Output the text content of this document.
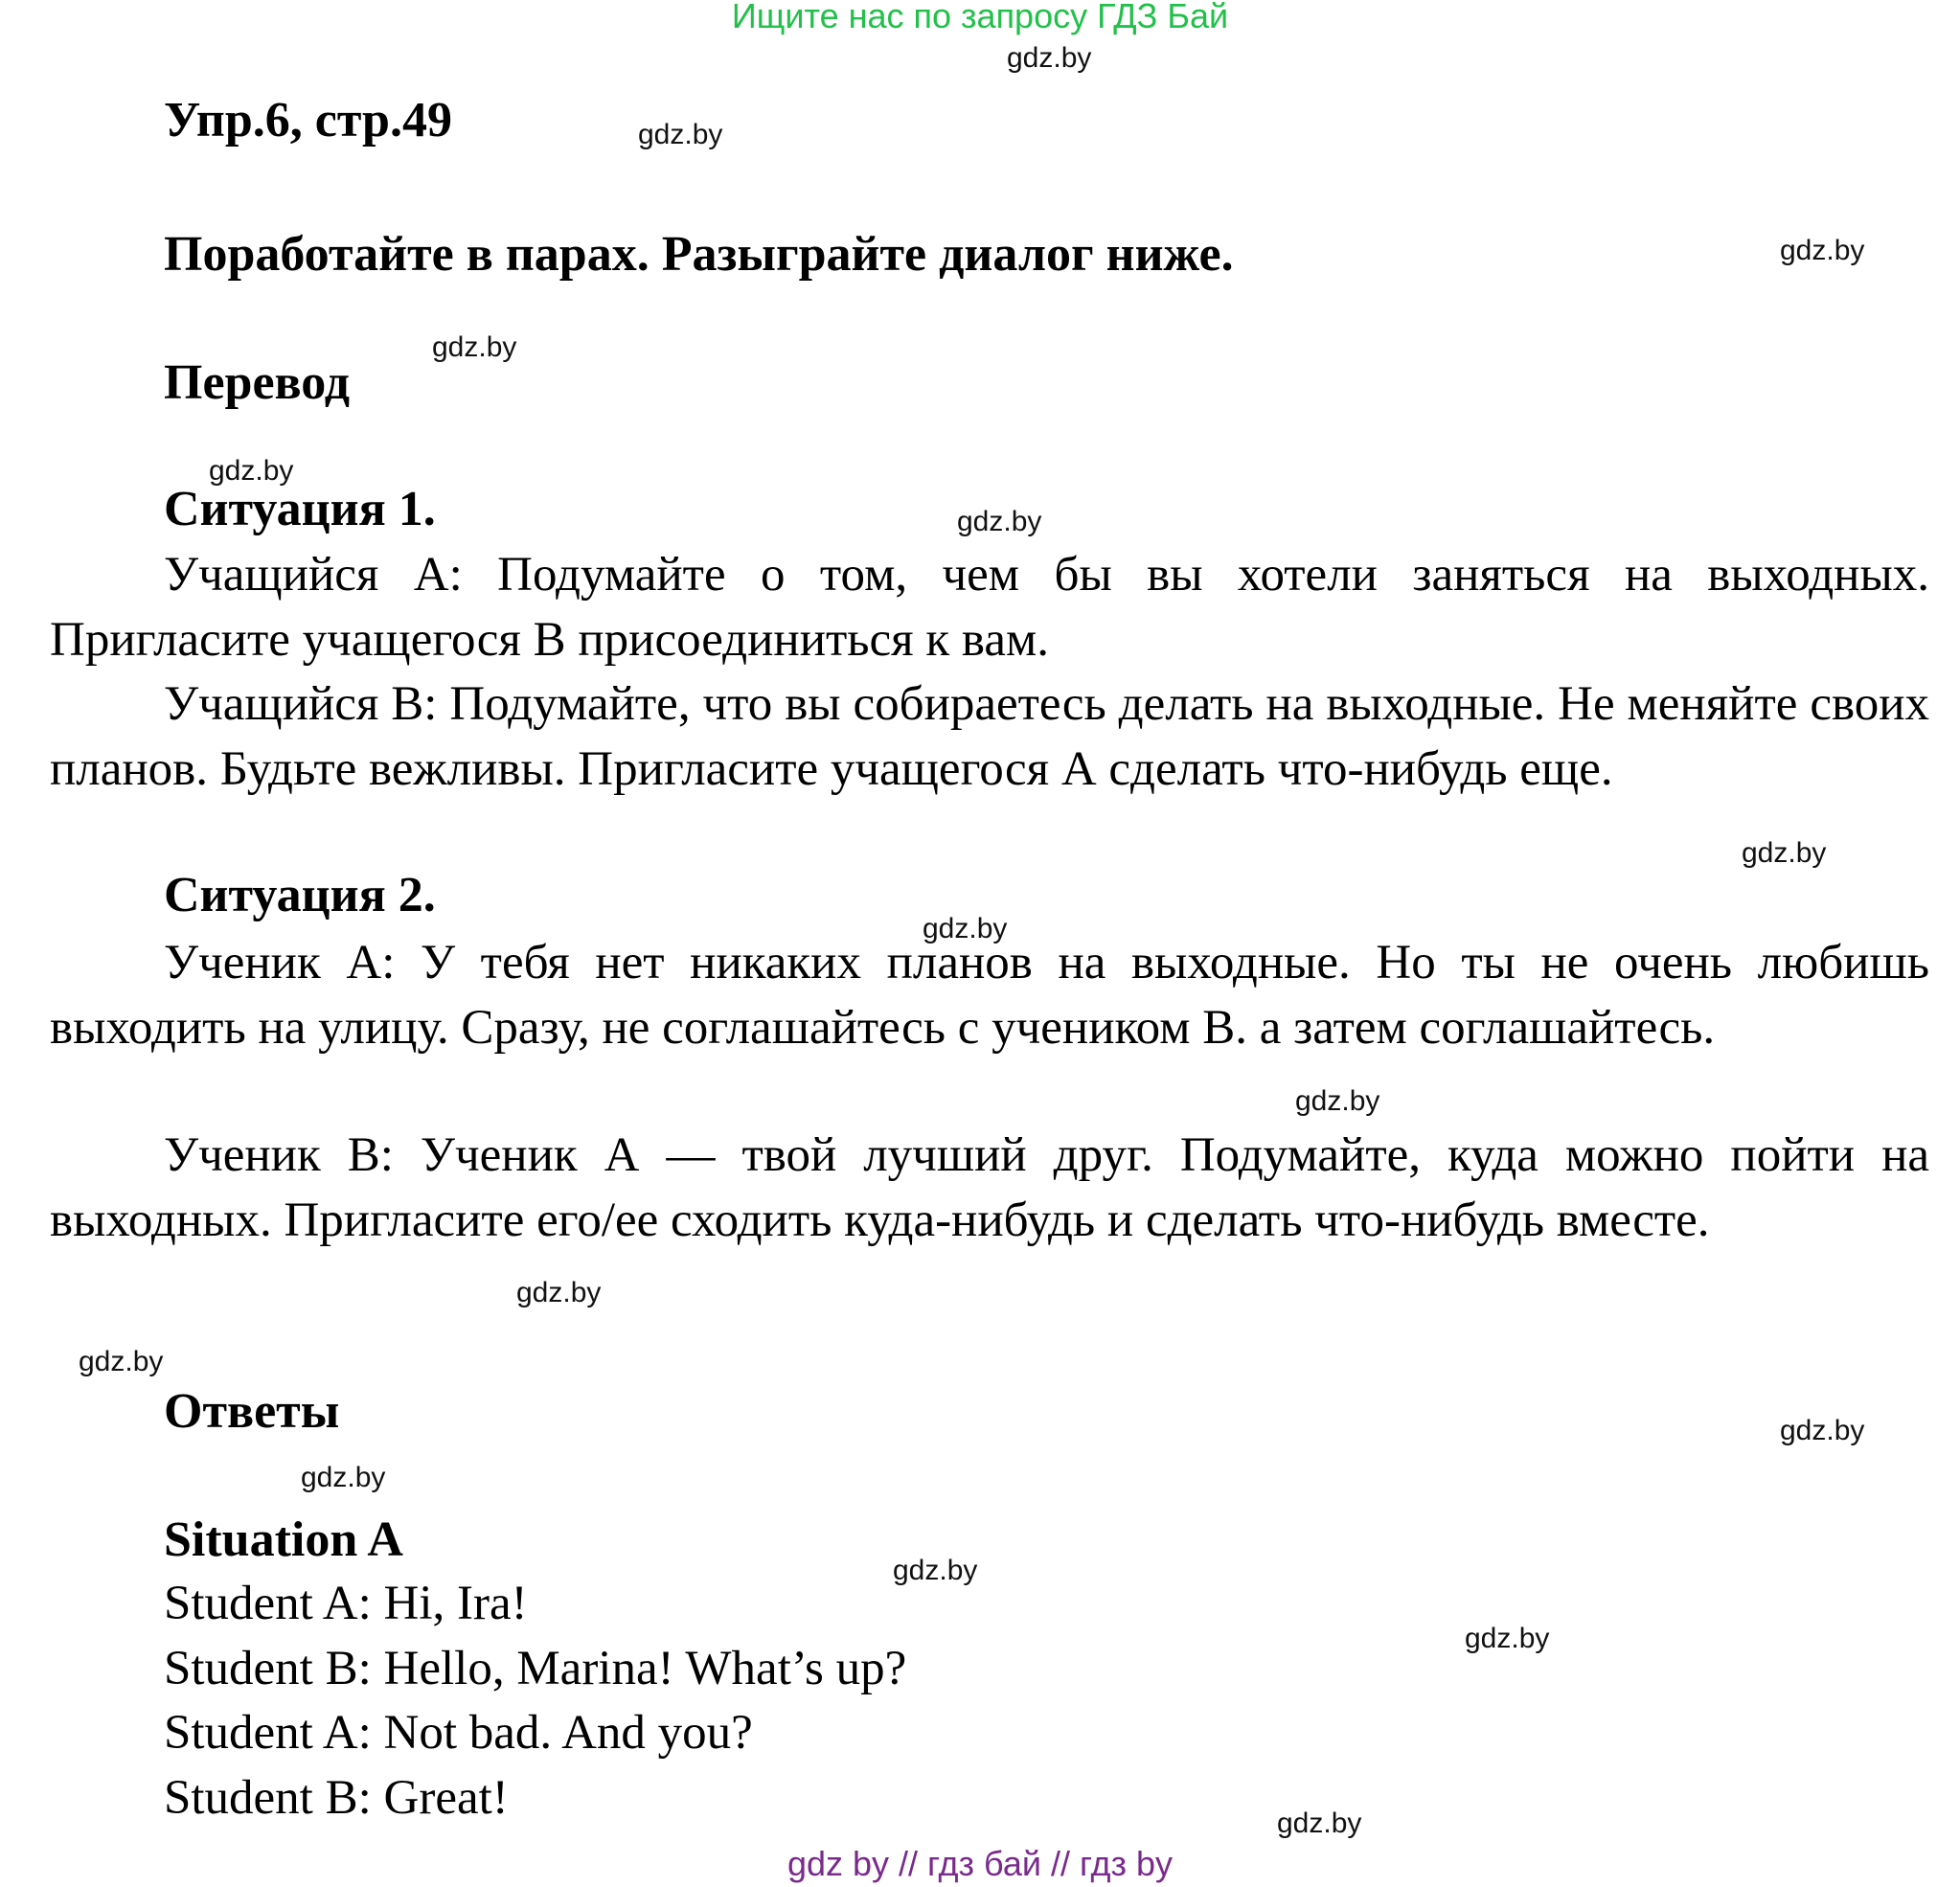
Ищите нас по запросу ГДЗ Бай
Упр.6, стр.49
Поработайте в парах. Разыграйте диалог ниже.
Перевод
Ситуация 1.
Учащийся А: Подумайте о том, чем бы вы хотели заняться на выходных. Пригласите учащегося В присоединиться к вам.
Учащийся В: Подумайте, что вы собираетесь делать на выходные. Не меняйте своих планов. Будьте вежливы. Пригласите учащегося А сделать что-нибудь еще.
Ситуация 2.
Ученик А: У тебя нет никаких планов на выходные. Но ты не очень любишь выходить на улицу. Сразу, не соглашайтесь с учеником В. а затем соглашайтесь.
Ученик В: Ученик А — твой лучший друг. Подумайте, куда можно пойти на выходных. Пригласите его/ее сходить куда-нибудь и сделать что-нибудь вместе.
Ответы
Situation A
Student A: Hi, Ira!
Student B: Hello, Marina! What’s up?
Student A: Not bad. And you?
Student B: Great!
gdz.by
gdz.by
gdz.by
gdz.by
gdz.by
gdz.by
gdz.by
gdz.by
gdz.by
gdz.by
gdz.by
gdz.by
gdz.by
gdz.by
gdz.by
gdz.by
gdz by // гдз бай // гдз by
